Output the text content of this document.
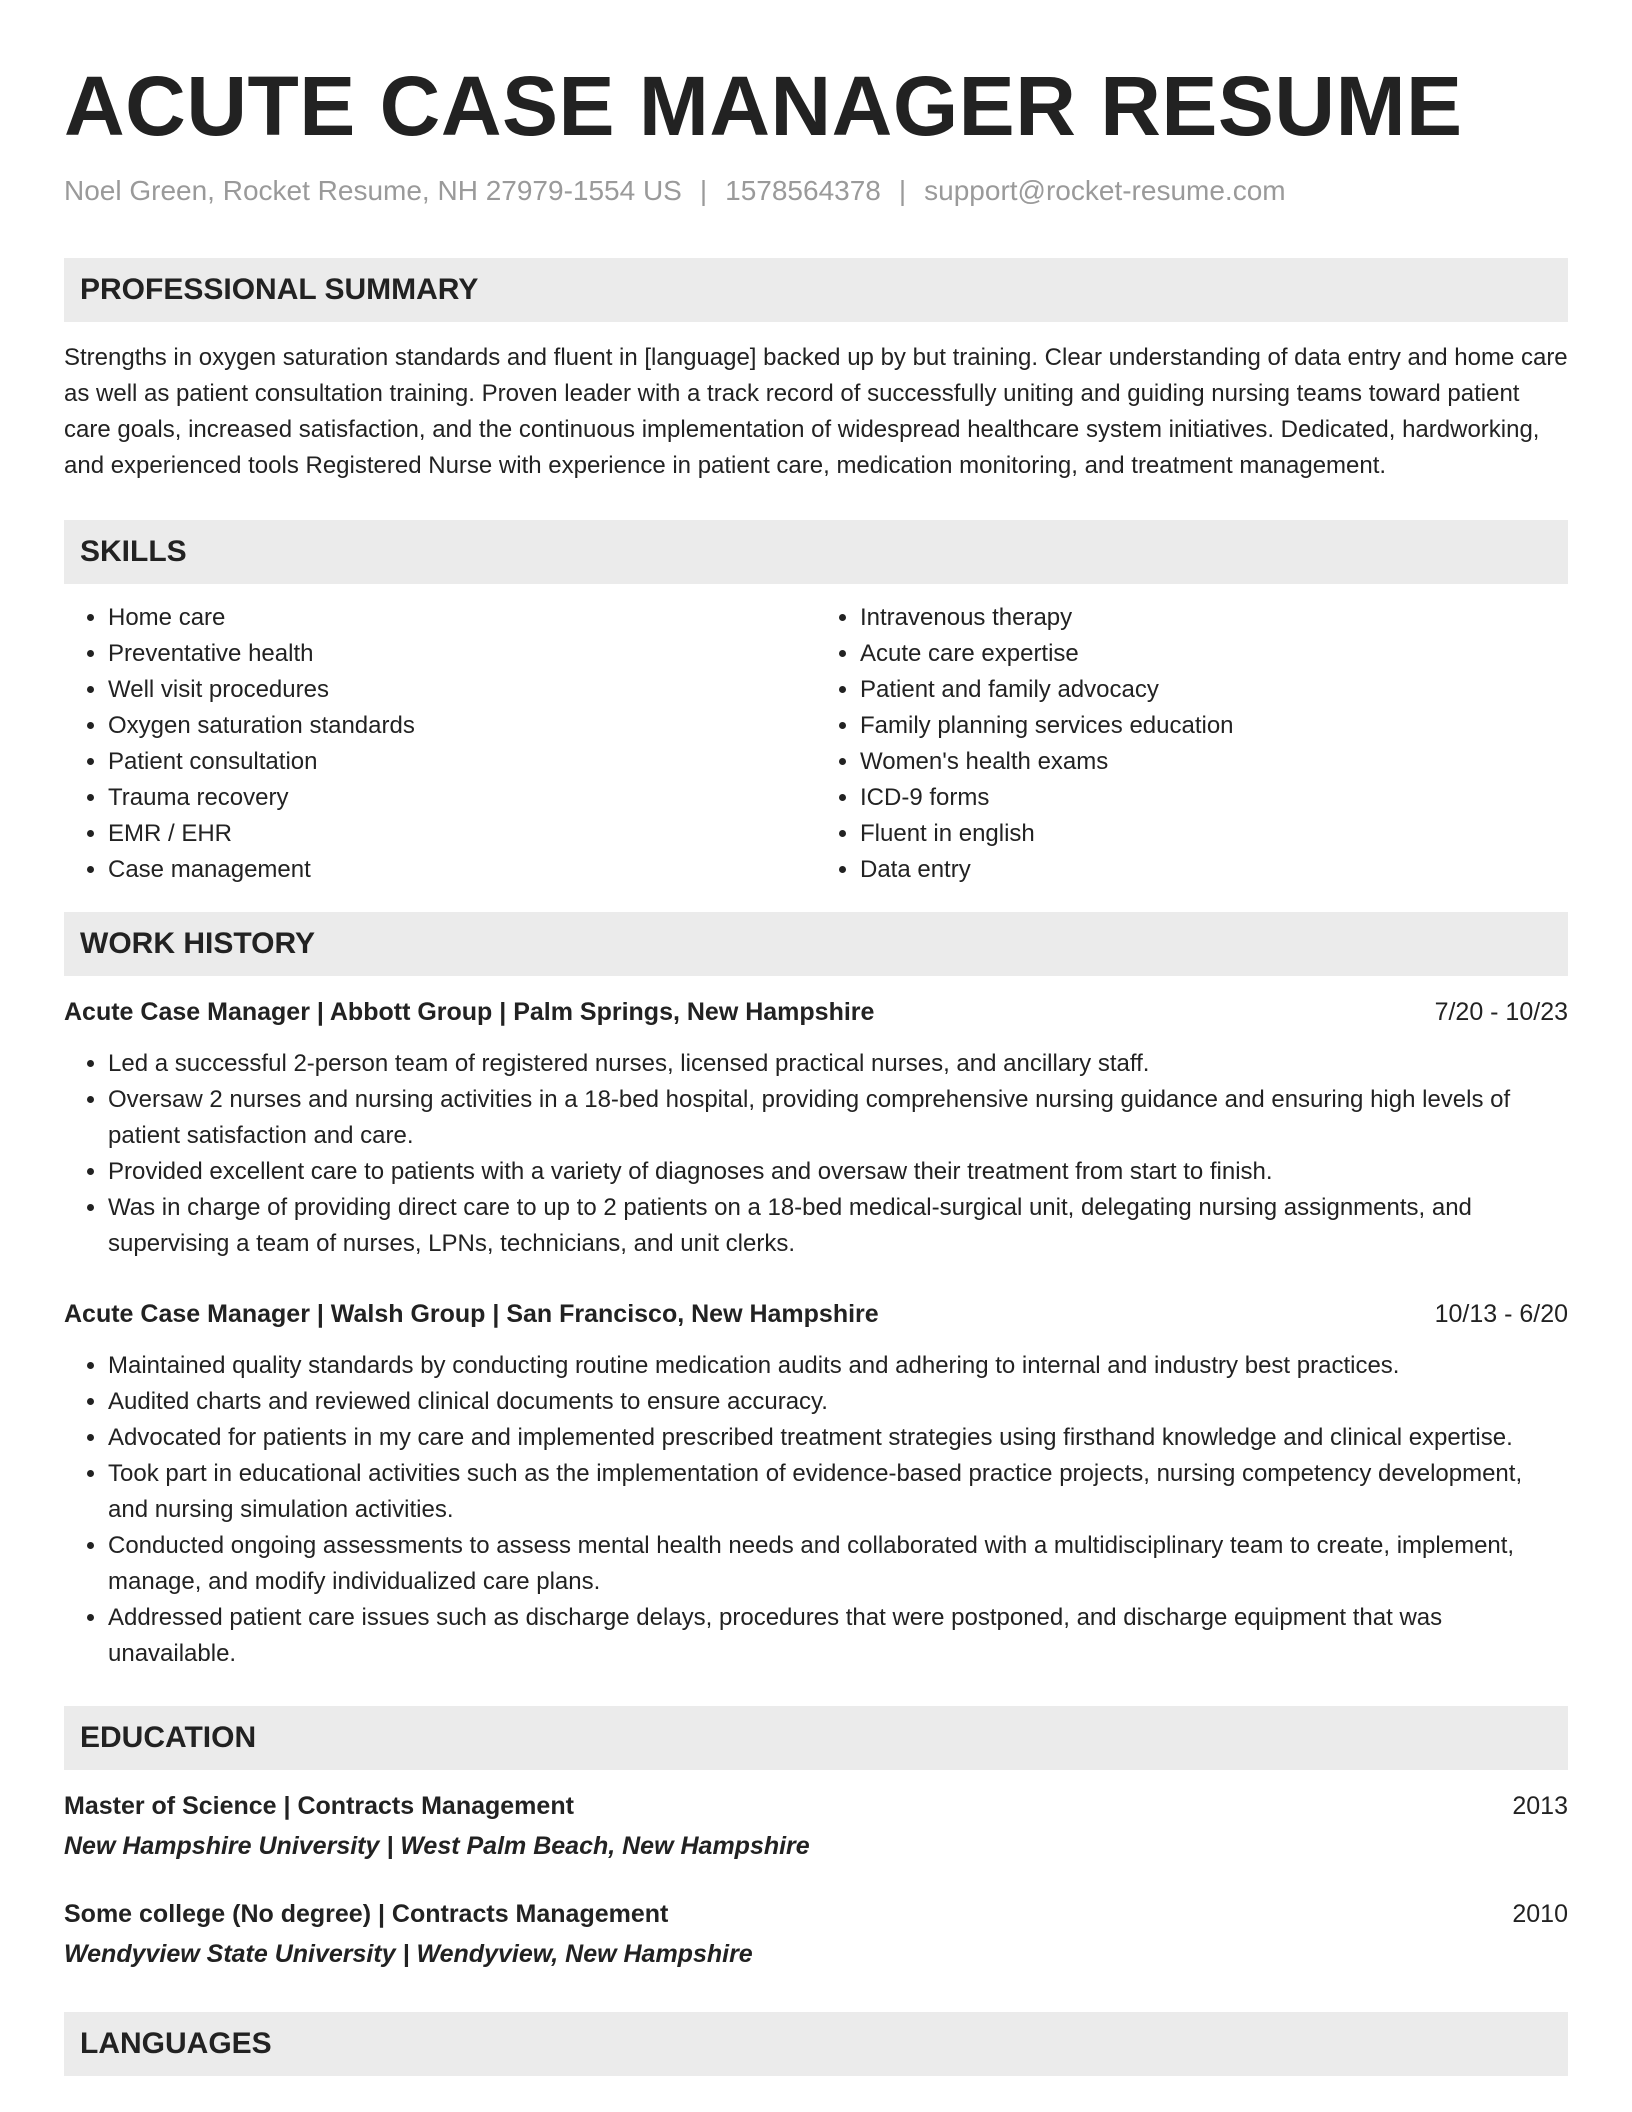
ACUTE CASE MANAGER RESUME
Noel Green, Rocket Resume, NH 27979-1554 US | 1578564378 | support@rocket-resume.com
PROFESSIONAL SUMMARY
Strengths in oxygen saturation standards and fluent in [language] backed up by but training. Clear understanding of data entry and home care as well as patient consultation training. Proven leader with a track record of successfully uniting and guiding nursing teams toward patient care goals, increased satisfaction, and the continuous implementation of widespread healthcare system initiatives. Dedicated, hardworking, and experienced tools Registered Nurse with experience in patient care, medication monitoring, and treatment management.
SKILLS
• Home care
• Preventative health
• Well visit procedures
• Oxygen saturation standards
• Patient consultation
• Trauma recovery
• EMR / EHR
• Case management
• Intravenous therapy
• Acute care expertise
• Patient and family advocacy
• Family planning services education
• Women's health exams
• ICD-9 forms
• Fluent in english
• Data entry
WORK HISTORY
Acute Case Manager | Abbott Group | Palm Springs, New Hampshire	7/20 - 10/23
• Led a successful 2-person team of registered nurses, licensed practical nurses, and ancillary staff.
• Oversaw 2 nurses and nursing activities in a 18-bed hospital, providing comprehensive nursing guidance and ensuring high levels of patient satisfaction and care.
• Provided excellent care to patients with a variety of diagnoses and oversaw their treatment from start to finish.
• Was in charge of providing direct care to up to 2 patients on a 18-bed medical-surgical unit, delegating nursing assignments, and supervising a team of nurses, LPNs, technicians, and unit clerks.
Acute Case Manager | Walsh Group | San Francisco, New Hampshire	10/13 - 6/20
• Maintained quality standards by conducting routine medication audits and adhering to internal and industry best practices.
• Audited charts and reviewed clinical documents to ensure accuracy.
• Advocated for patients in my care and implemented prescribed treatment strategies using firsthand knowledge and clinical expertise.
• Took part in educational activities such as the implementation of evidence-based practice projects, nursing competency development, and nursing simulation activities.
• Conducted ongoing assessments to assess mental health needs and collaborated with a multidisciplinary team to create, implement, manage, and modify individualized care plans.
• Addressed patient care issues such as discharge delays, procedures that were postponed, and discharge equipment that was unavailable.
EDUCATION
Master of Science | Contracts Management	2013
New Hampshire University | West Palm Beach, New Hampshire
Some college (No degree) | Contracts Management	2010
Wendyview State University | Wendyview, New Hampshire
LANGUAGES
